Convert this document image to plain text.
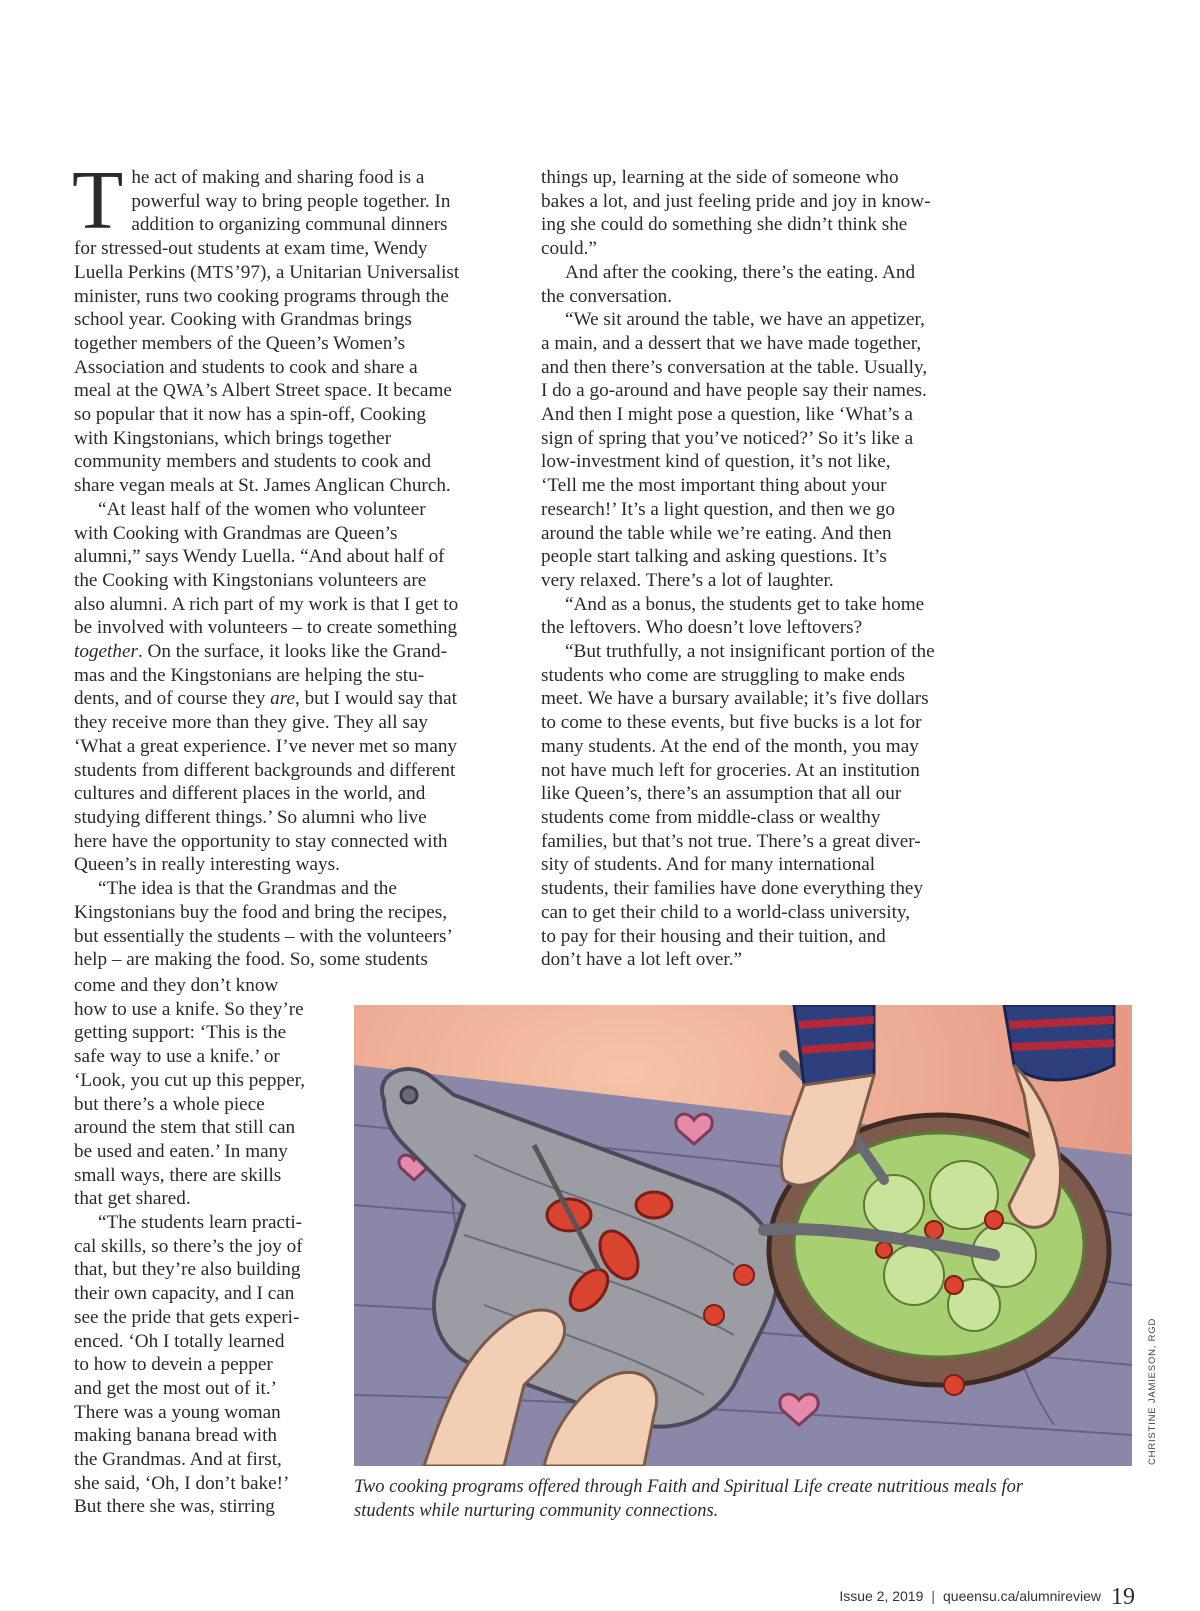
The act of making and sharing food is a
powerful way to bring people together. In
addition to organizing communal dinners
for stressed-out students at exam time, Wendy
Luella Perkins (MTS’97), a Unitarian Universalist
minister, runs two cooking programs through the
school year. Cooking with Grandmas brings
together members of the Queen’s Women’s
Association and students to cook and share a
meal at the QWA’s Albert Street space. It became
so popular that it now has a spin-off, Cooking
with Kingstonians, which brings together
community members and students to cook and
share vegan meals at St. James Anglican Church.

“At least half of the women who volunteer
with Cooking with Grandmas are Queen’s
alumni,” says Wendy Luella. “And about half of
the Cooking with Kingstonians volunteers are
also alumni. A rich part of my work is that I get to
be involved with volunteers – to create something
together. On the surface, it looks like the Grand-
mas and the Kingstonians are helping the stu-
dents, and of course they are, but I would say that
they receive more than they give. They all say
‘What a great experience. I’ve never met so many
students from different backgrounds and different
cultures and different places in the world, and
studying different things.’ So alumni who live
here have the opportunity to stay connected with
Queen’s in really interesting ways.

“The idea is that the Grandmas and the
Kingstonians buy the food and bring the recipes,
but essentially the students – with the volunteers’
help – are making the food. So, some students

come and they don’t know
how to use a knife. So they’re
getting support: ‘This is the
safe way to use a knife.’ or
‘Look, you cut up this pepper,
but there’s a whole piece
around the stem that still can
be used and eaten.’ In many
small ways, there are skills
that get shared.

“The students learn practi-
cal skills, so there’s the joy of
that, but they’re also building
their own capacity, and I can
see the pride that gets experi-
enced. ‘Oh I totally learned
to how to devein a pepper
and get the most out of it.’
There was a young woman
making banana bread with
the Grandmas. And at first,
she said, ‘Oh, I don’t bake!’
But there she was, stirring

things up, learning at the side of someone who
bakes a lot, and just feeling pride and joy in know-
ing she could do something she didn’t think she
could.”

And after the cooking, there’s the eating. And
the conversation.

“We sit around the table, we have an appetizer,
a main, and a dessert that we have made together,
and then there’s conversation at the table. Usually,
I do a go-around and have people say their names.
And then I might pose a question, like ‘What’s a
sign of spring that you’ve noticed?’ So it’s like a
low-investment kind of question, it’s not like,
‘Tell me the most important thing about your
research!’ It’s a light question, and then we go
around the table while we’re eating. And then
people start talking and asking questions. It’s
very relaxed. There’s a lot of laughter.

“And as a bonus, the students get to take home
the leftovers. Who doesn’t love leftovers?

“But truthfully, a not insignificant portion of the
students who come are struggling to make ends
meet. We have a bursary available; it’s five dollars
to come to these events, but five bucks is a lot for
many students. At the end of the month, you may
not have much left for groceries. At an institution
like Queen’s, there’s an assumption that all our
students come from middle-class or wealthy
families, but that’s not true. There’s a great diver-
sity of students. And for many international
students, their families have done everything they
can to get their child to a world-class university,
to pay for their housing and their tuition, and
don’t have a lot left over.”

CHRISTINE JAMIESON, RGD
Two cooking programs offered through Faith and Spiritual Life create nutritious meals for
students while nurturing community connections.
Issue 2, 2019 | queensu.ca/alumnireview 19
